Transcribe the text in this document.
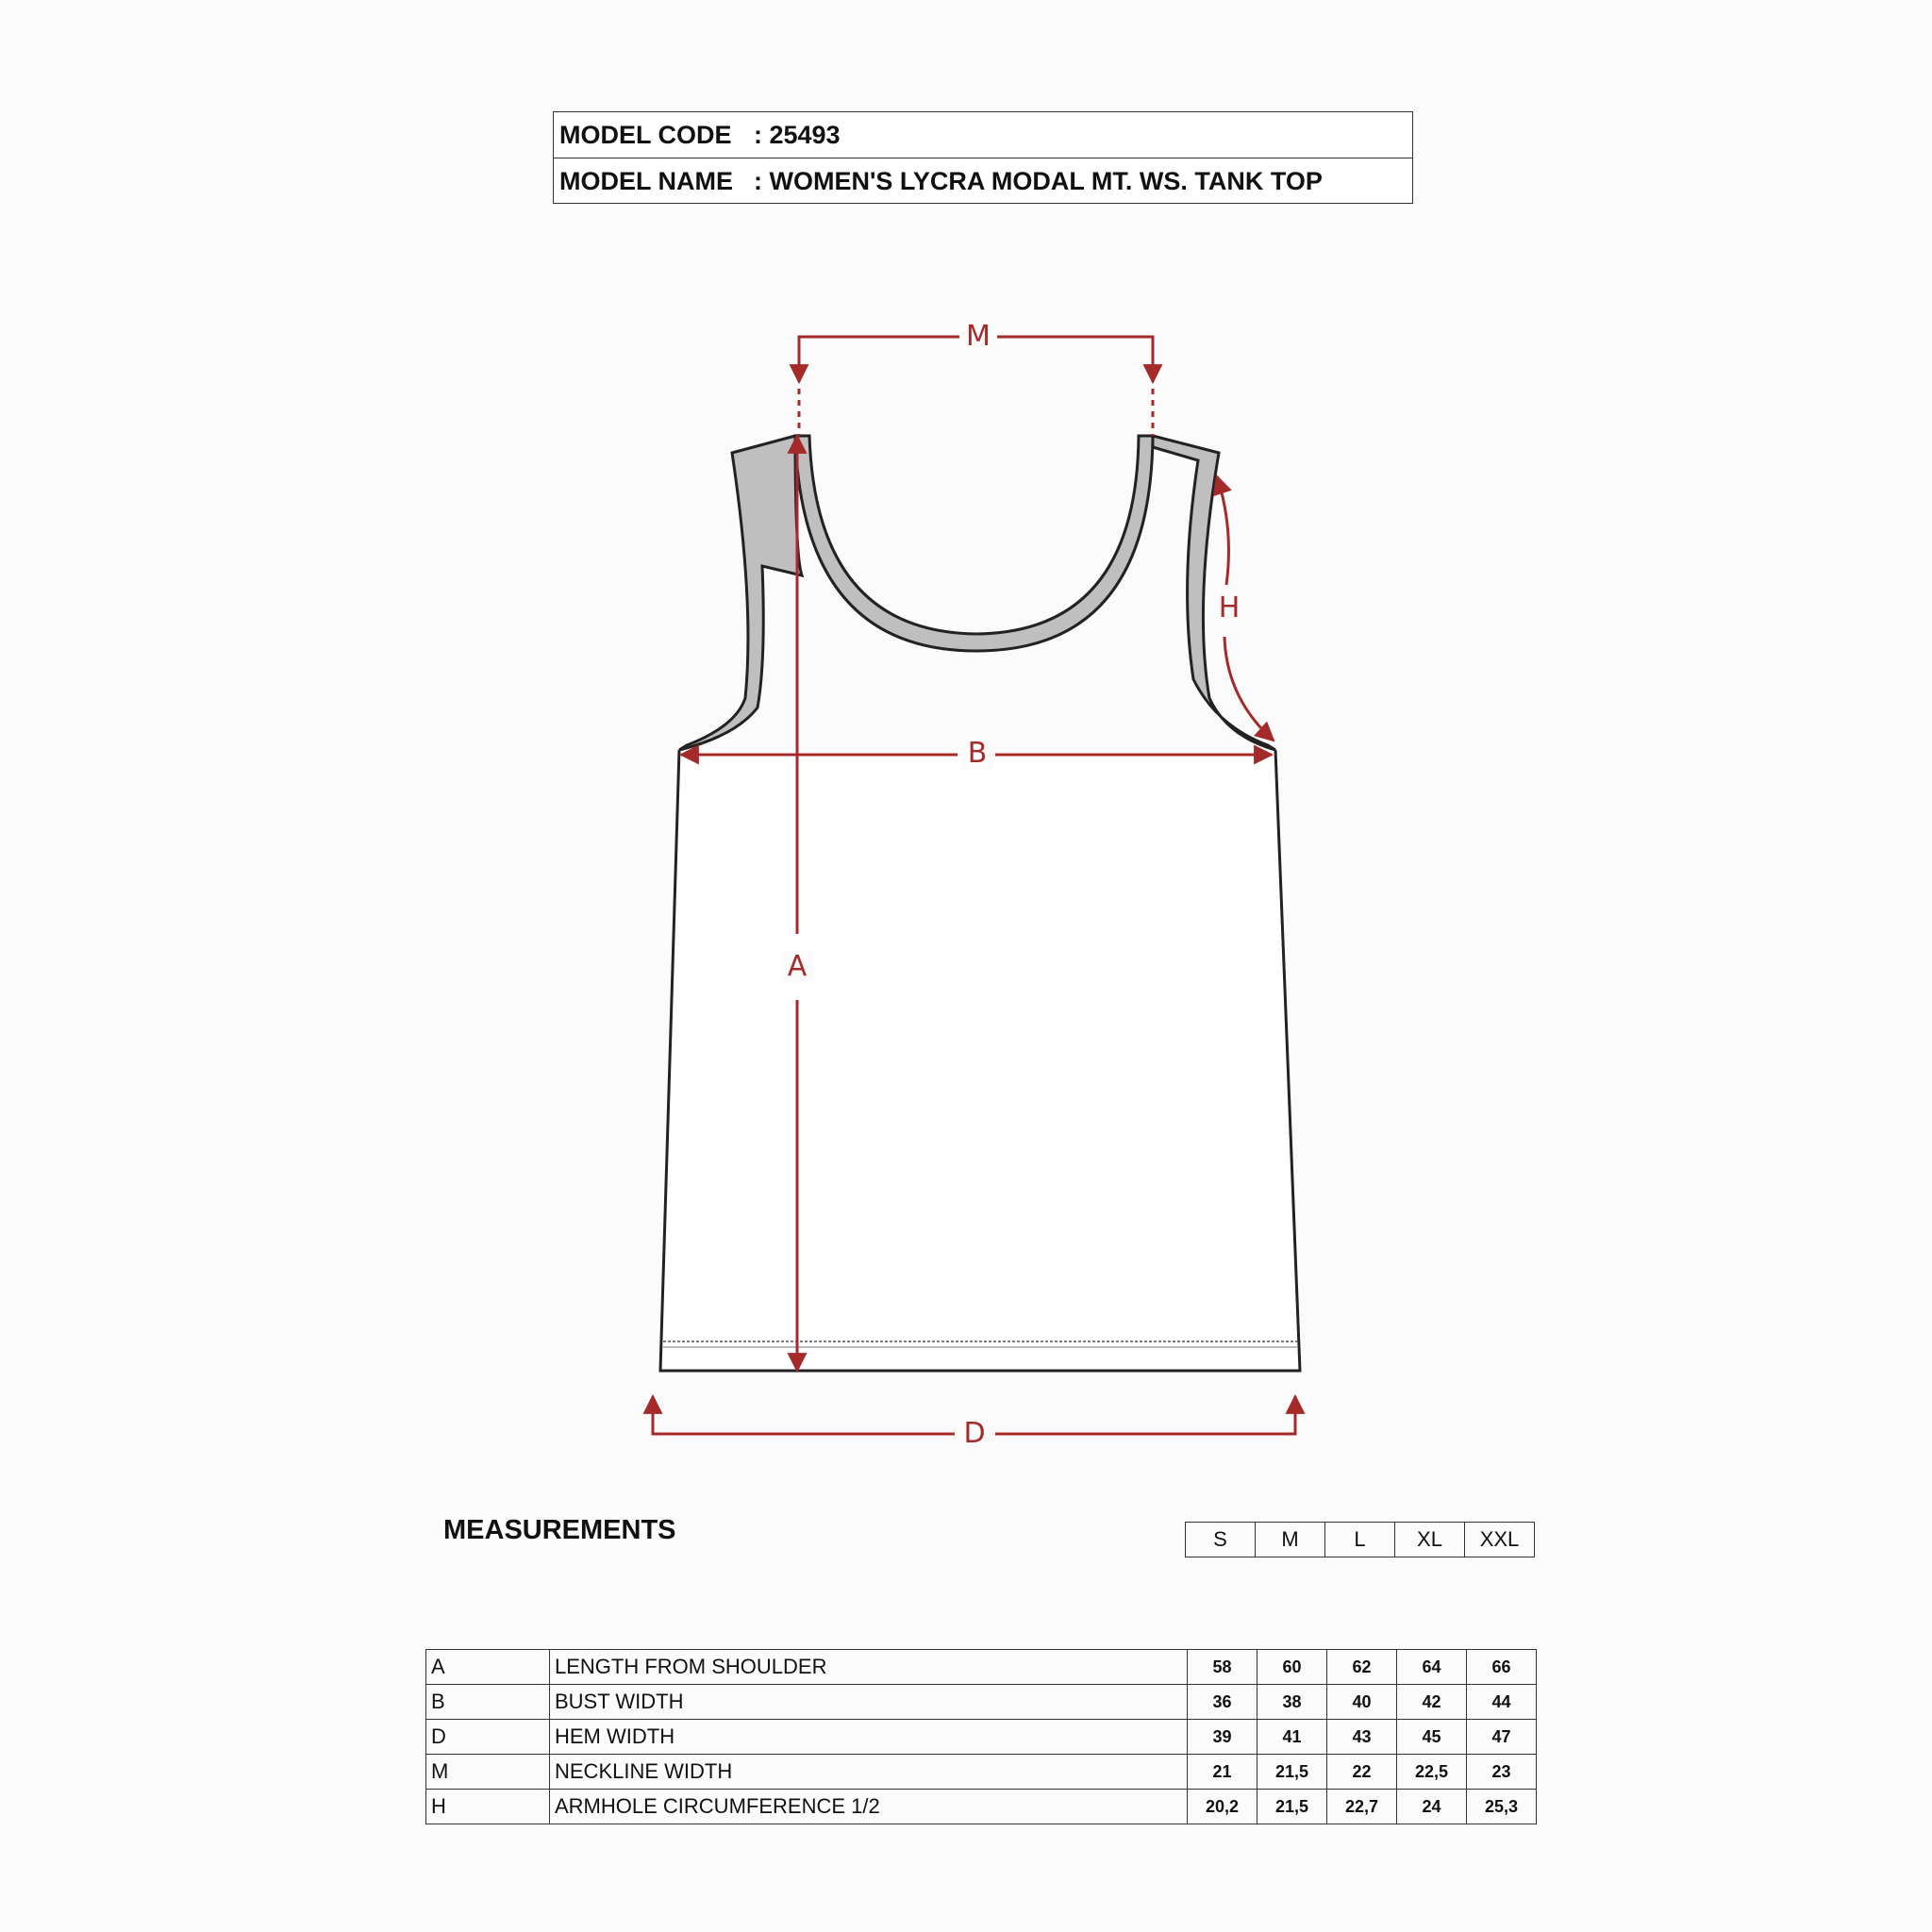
MODEL CODE : 25493
MODEL NAME : WOMEN'S LYCRA MODAL MT. WS. TANK TOP
M
H
B
A
D
MEASUREMENTS	S	M	L	XL	XXL
A	LENGTH FROM SHOULDER	58	60	62	64	66
B	BUST WIDTH	36	38	40	42	44
D	HEM WIDTH	39	41	43	45	47
M	NECKLINE WIDTH	21	21,5	22	22,5	23
H	ARMHOLE CIRCUMFERENCE 1/2	20,2	21,5	22,7	24	25,3
